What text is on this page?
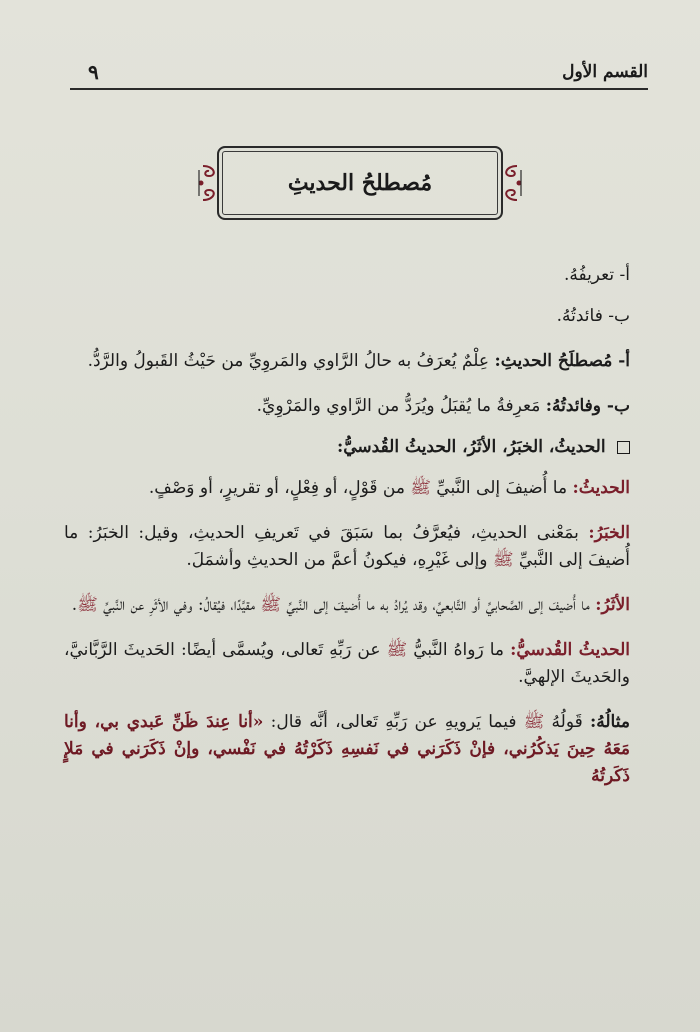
القسم الأول
٩
مُصطلحُ الحديثِ

أ- تعريفُهُ.

ب- فائدتُهُ.

أ- مُصطلَحُ الحديثِ: عِلْمٌ يُعرَفُ به حالُ الرَّاوي والمَروِيِّ من حَيْثُ القَبولُ والرَّدُّ.

ب- وفائدتُهُ: مَعرِفةُ ما يُقبَلُ ويُرَدُّ من الرَّاوي والمَرْوِيِّ.

الحديثُ، الخبَرُ، الأثَرُ، الحديثُ القُدسيُّ:

الحديثُ: ما أُضيفَ إلى النَّبيِّ ﷺ من قَوْلٍ، أو فِعْلٍ، أو تقريرٍ، أو وَصْفٍ.

الخبَرُ: بمَعْنى الحديثِ، فيُعرَّفُ بما سَبَقَ في تَعريفِ الحديثِ، وقيل: الخبَرُ: ما أُضيفَ إلى النَّبيِّ ﷺ وإلى غَيْرِهِ، فيكونُ أعمَّ من الحديثِ وأشمَلَ.

الأثَرُ: ما أُضيفَ إلى الصَّحابيِّ أو التَّابعيِّ، وقد يُرادُ به ما أُضيفَ إلى النَّبيِّ ﷺ مقيَّدًا، فيُقالُ: وفي الأثَرِ عن النَّبيِّ ﷺ.

الحديثُ القُدسيُّ: ما رَواهُ النَّبيُّ ﷺ عن رَبِّهِ تَعالى، ويُسمَّى أيضًا: الحَديثَ الرَّبَّانيَّ، والحَديثَ الإلهيَّ.

مثالُهُ: قَولُهُ ﷺ فيما يَرويهِ عن رَبِّهِ تَعالى، أنَّه قال: «أنا عِندَ ظَنِّ عَبدي بي، وأنا مَعَهُ حِينَ يَذكُرُني، فإنْ ذَكَرَني في نَفسِهِ ذَكَرْتُهُ في نَفْسي، وإنْ ذَكَرَني في مَلإٍ ذَكَرتُهُ
